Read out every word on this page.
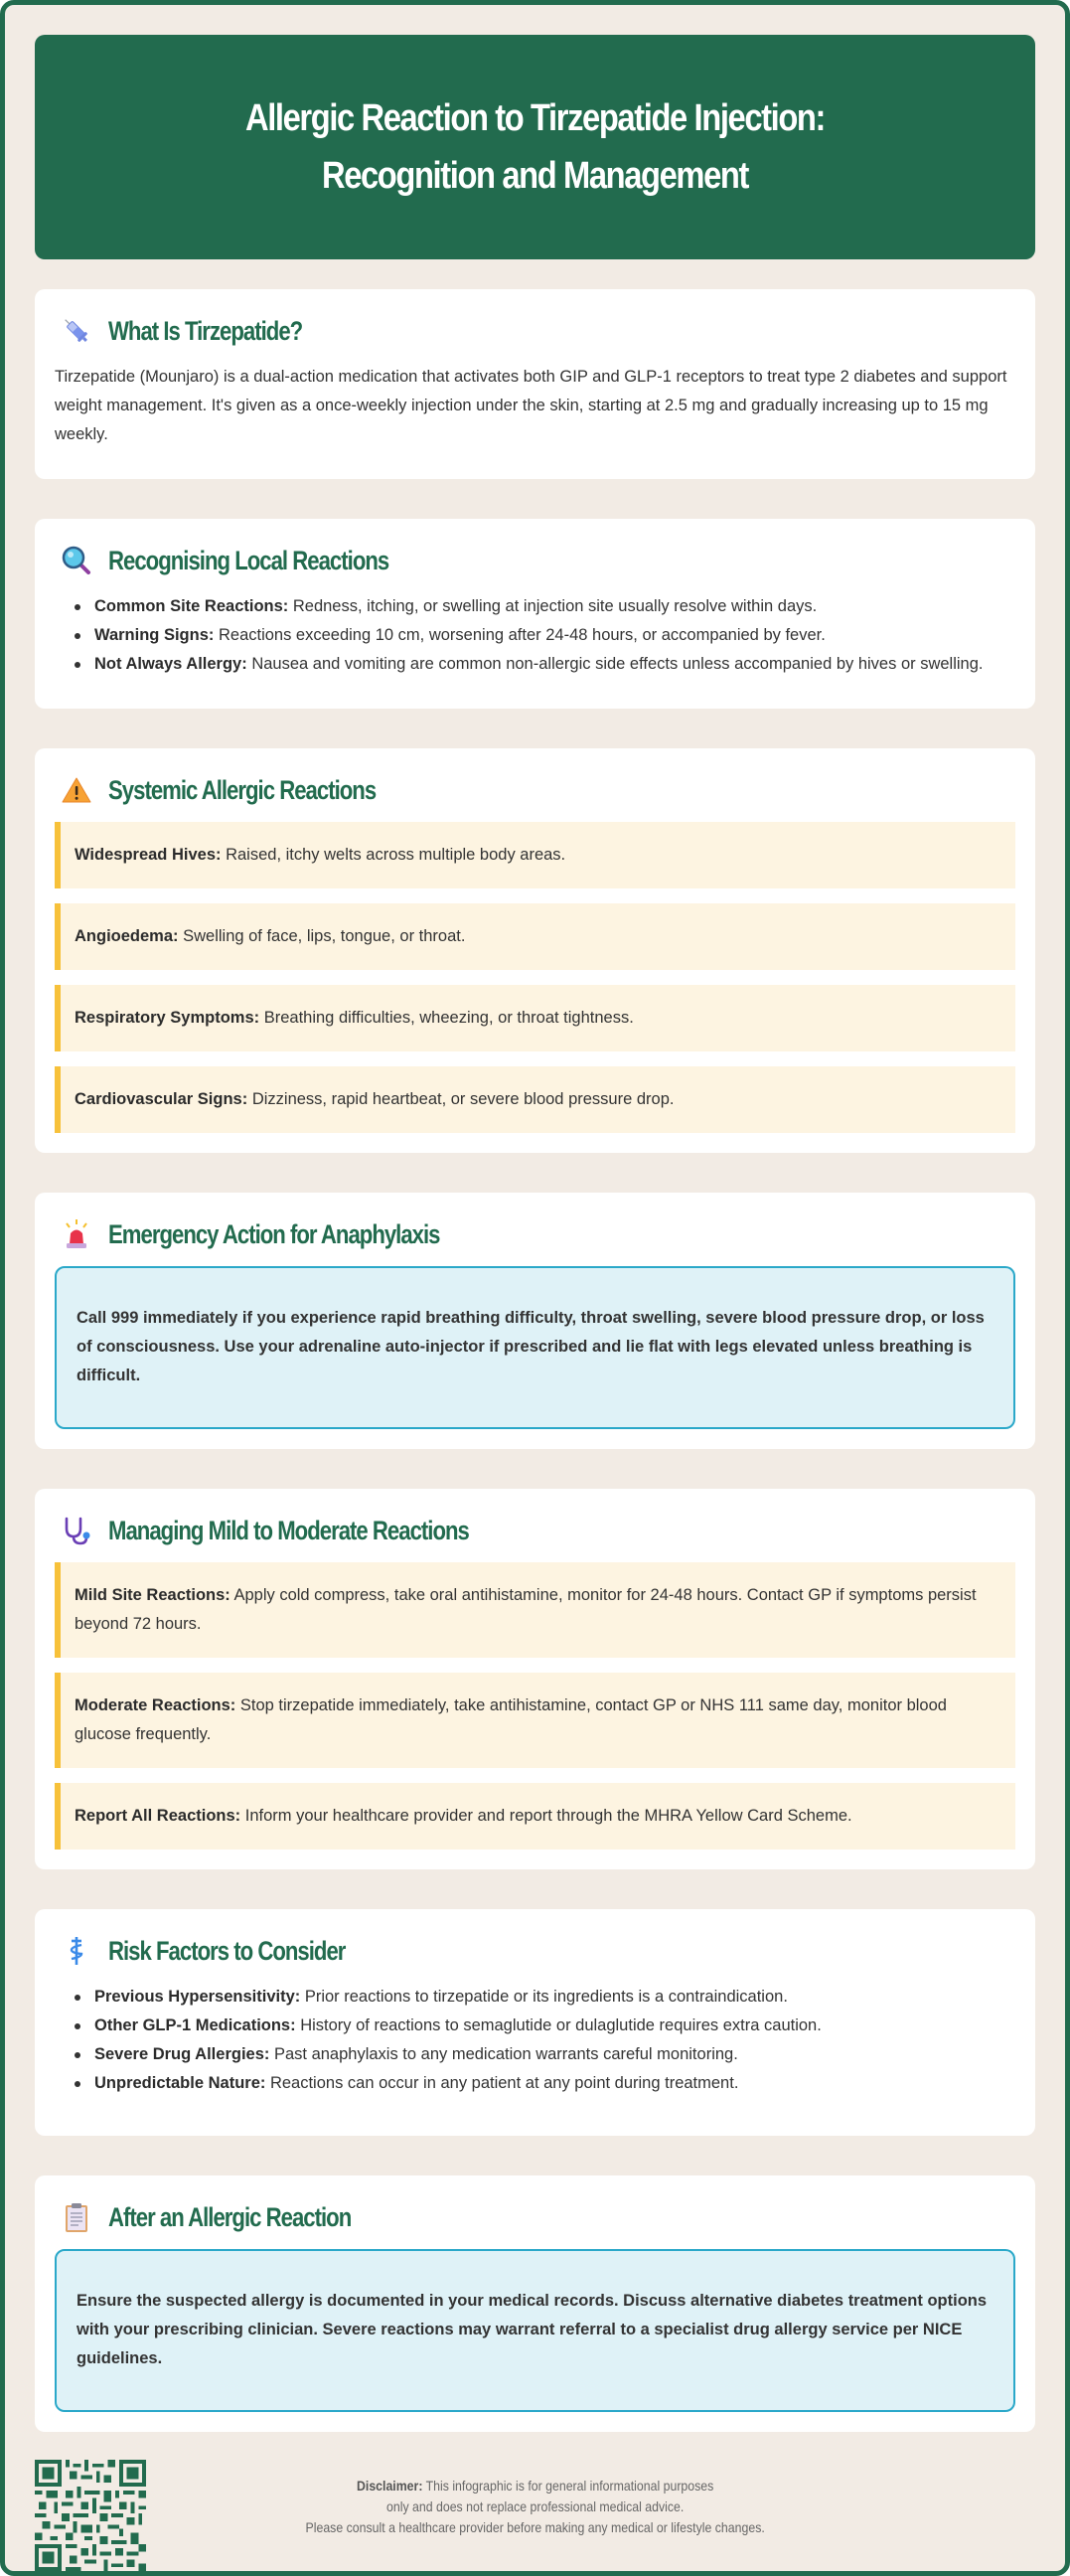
Allergic Reaction to Tirzepatide Injection: Recognition and Management
What Is Tirzepatide?

Tirzepatide (Mounjaro) is a dual-action medication that activates both GIP and GLP-1 receptors to treat type 2 diabetes and support weight management. It's given as a once-weekly injection under the skin, starting at 2.5 mg and gradually increasing up to 15 mg weekly.

Recognising Local Reactions
Common Site Reactions: Redness, itching, or swelling at injection site usually resolve within days.
Warning Signs: Reactions exceeding 10 cm, worsening after 24-48 hours, or accompanied by fever.
Not Always Allergy: Nausea and vomiting are common non-allergic side effects unless accompanied by hives or swelling.
Systemic Allergic Reactions
Widespread Hives: Raised, itchy welts across multiple body areas.
Angioedema: Swelling of face, lips, tongue, or throat.
Respiratory Symptoms: Breathing difficulties, wheezing, or throat tightness.
Cardiovascular Signs: Dizziness, rapid heartbeat, or severe blood pressure drop.
Emergency Action for Anaphylaxis
Call 999 immediately if you experience rapid breathing difficulty, throat swelling, severe blood pressure drop, or loss of consciousness. Use your adrenaline auto-injector if prescribed and lie flat with legs elevated unless breathing is difficult.
Managing Mild to Moderate Reactions
Mild Site Reactions: Apply cold compress, take oral antihistamine, monitor for 24-48 hours. Contact GP if symptoms persist beyond 72 hours.
Moderate Reactions: Stop tirzepatide immediately, take antihistamine, contact GP or NHS 111 same day, monitor blood glucose frequently.
Report All Reactions: Inform your healthcare provider and report through the MHRA Yellow Card Scheme.
Risk Factors to Consider
Previous Hypersensitivity: Prior reactions to tirzepatide or its ingredients is a contraindication.
Other GLP-1 Medications: History of reactions to semaglutide or dulaglutide requires extra caution.
Severe Drug Allergies: Past anaphylaxis to any medication warrants careful monitoring.
Unpredictable Nature: Reactions can occur in any patient at any point during treatment.
After an Allergic Reaction
Ensure the suspected allergy is documented in your medical records. Discuss alternative diabetes treatment options with your prescribing clinician. Severe reactions may warrant referral to a specialist drug allergy service per NICE guidelines.
Disclaimer: This infographic is for general informational purposes
only and does not replace professional medical advice.
Please consult a healthcare provider before making any medical or lifestyle changes.
